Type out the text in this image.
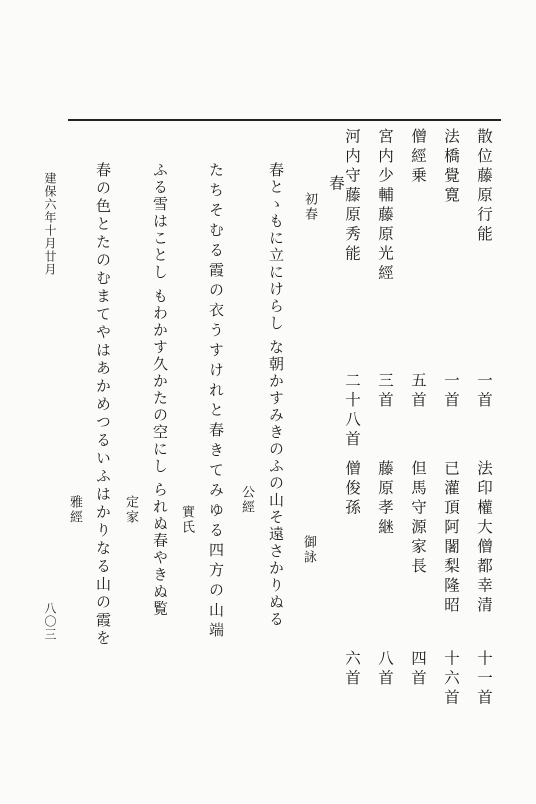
散位藤原行能
法橋覺寛
僧經乗
宮内少輔藤原光經
河内守藤原秀能
一首
一首
五首
三首
二十八首
法印權大僧都幸清
已灌頂阿闍梨隆昭
但馬守源家長
藤原孝継
僧俊孫
十一首
十六首
四首
八首
六首
春
初春
御詠
公經
實氏
定家
雅經	春とゝもに立にけらし な朝かすみきのふの山そ遠さかりぬる
たちそむる霞の衣うすけれと春きてみゆる四方の山端
ふる雪はことし もわかす久かたの空にし られぬ春やきぬ覧
春の色とたのむまてやはあかめつるいふはかりなる山の霞を
建保六年十月廿月
八〇三
